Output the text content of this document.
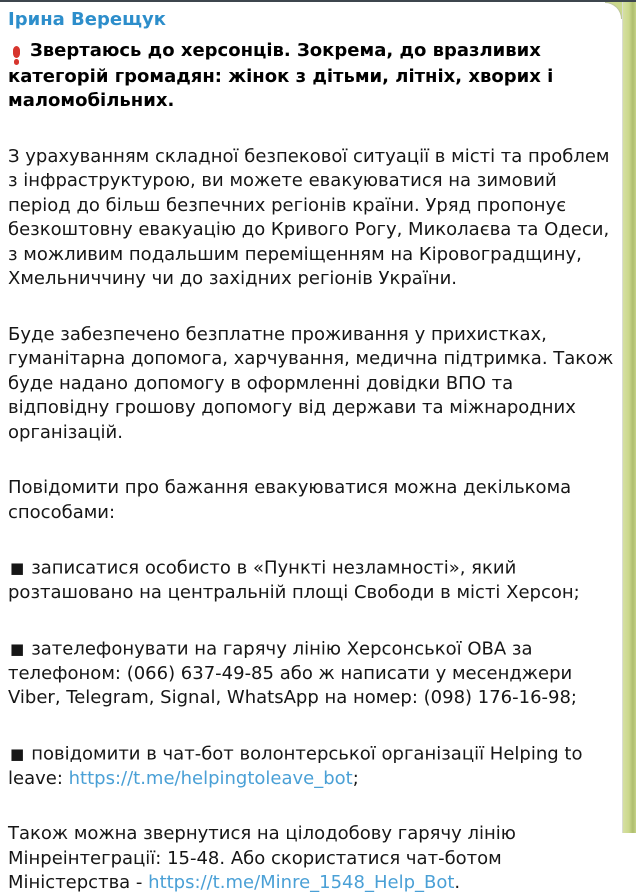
Ірина Верещук

Звертаюсь до херсонців. Зокрема, до вразливих категорій громадян: жінок з дітьми, літніх, хворих і маломобільних.

З урахуванням складної безпекової ситуації в місті та проблем з інфраструктурою, ви можете евакуюватися на зимовий період до більш безпечних регіонів країни. Уряд пропонує безкоштовну евакуацію до Кривого Рогу, Миколаєва та Одеси, з можливим подальшим переміщенням на Кіровоградщину, Хмельниччину чи до західних регіонів України.

Буде забезпечено безплатне проживання у прихистках, гуманітарна допомога, харчування, медична підтримка. Також буде надано допомогу в оформленні довідки ВПО та відповідну грошову допомогу від держави та міжнародних організацій.

Повідомити про бажання евакуюватися можна декількома способами:

■ записатися особисто в «Пункті незламності», який розташовано на центральній площі Свободи в місті Херсон;

■ зателефонувати на гарячу лінію Херсонської ОВА за телефоном: (066) 637-49-85 або ж написати у месенджери Viber, Telegram, Signal, WhatsApp на номер: (098) 176-16-98;

■ повідомити в чат-бот волонтерської організації Helping to leave: https://t.me/helpingtoleave_bot;

Також можна звернутися на цілодобову гарячу лінію Мінреінтеграції: 15-48. Або скористатися чат-ботом Міністерства - https://t.me/Minre_1548_Help_Bot.
